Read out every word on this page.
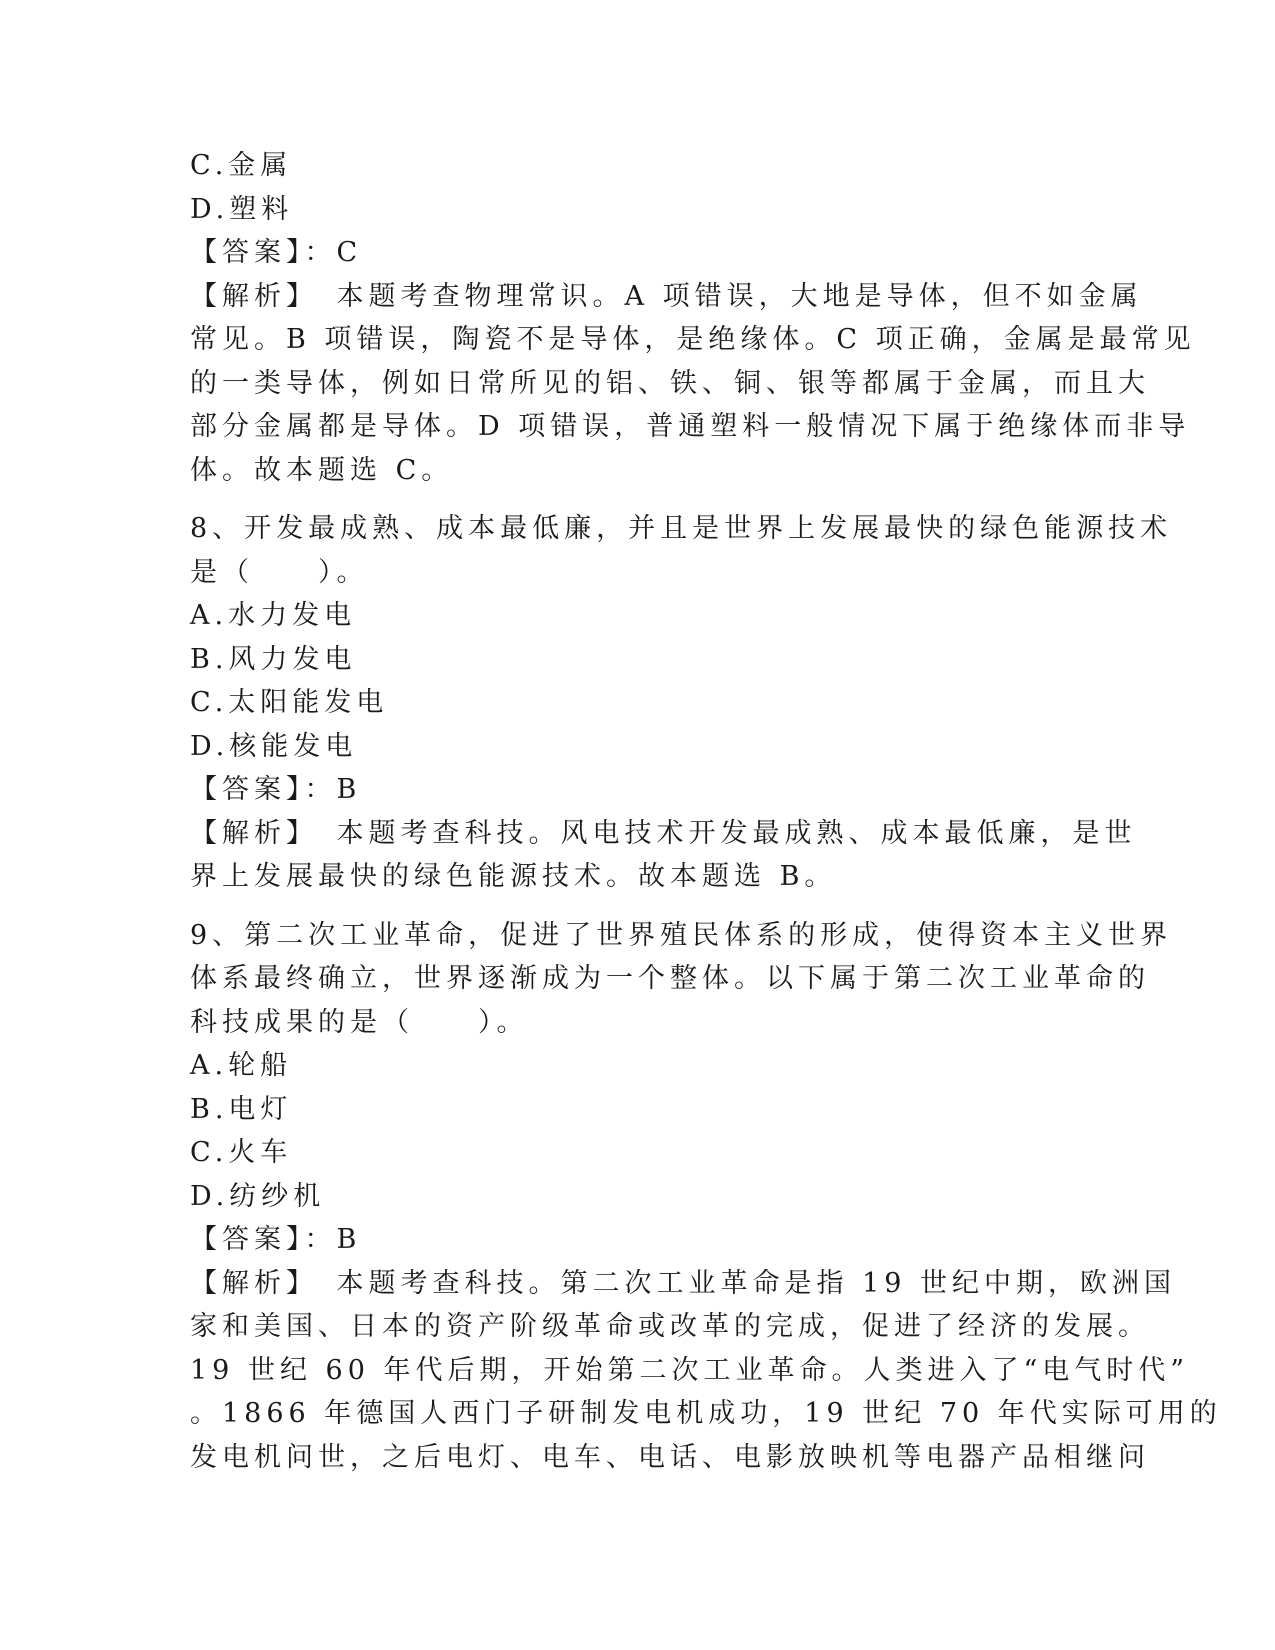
C.金属
D.塑料
【答案】：C
【解析】　本题考查物理常识。A 项错误，大地是导体，但不如金属
常见。B 项错误，陶瓷不是导体，是绝缘体。C 项正确，金属是最常见
的一类导体，例如日常所见的铝、铁、铜、银等都属于金属，而且大
部分金属都是导体。D 项错误，普通塑料一般情况下属于绝缘体而非导
体。故本题选 C。
8、开发最成熟、成本最低廉，并且是世界上发展最快的绿色能源技术
是（　　）。
A.水力发电
B.风力发电
C.太阳能发电
D.核能发电
【答案】：B
【解析】　本题考查科技。风电技术开发最成熟、成本最低廉，是世
界上发展最快的绿色能源技术。故本题选 B。
9、第二次工业革命，促进了世界殖民体系的形成，使得资本主义世界
体系最终确立，世界逐渐成为一个整体。以下属于第二次工业革命的
科技成果的是（　　）。
A.轮船
B.电灯
C.火车
D.纺纱机
【答案】：B
【解析】　本题考查科技。第二次工业革命是指 19 世纪中期，欧洲国
家和美国、日本的资产阶级革命或改革的完成，促进了经济的发展。
19 世纪 60 年代后期，开始第二次工业革命。人类进入了“电气时代”
。1866 年德国人西门子研制发电机成功，19 世纪 70 年代实际可用的
发电机问世，之后电灯、电车、电话、电影放映机等电器产品相继问
